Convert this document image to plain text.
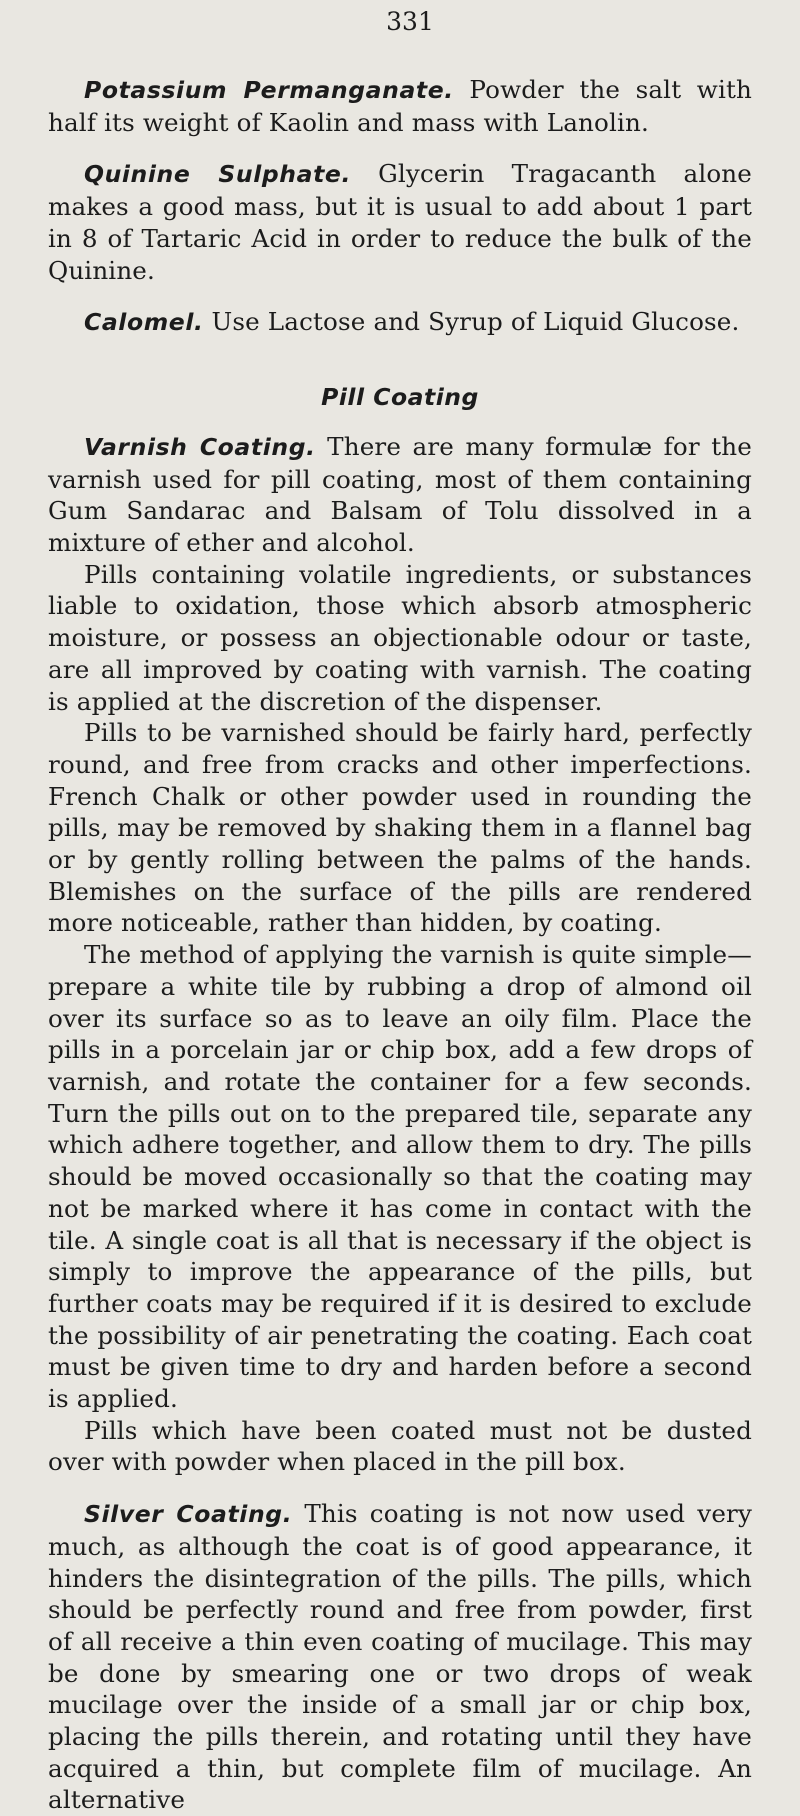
331

Potassium Permanganate. Powder the salt with half its weight of Kaolin and mass with Lanolin.

Quinine Sulphate. Glycerin Tragacanth alone makes a good mass, but it is usual to add about 1 part in 8 of Tartaric Acid in order to reduce the bulk of the Quinine.

Calomel. Use Lactose and Syrup of Liquid Glucose.

Pill Coating

Varnish Coating. There are many formulæ for the varnish used for pill coating, most of them containing Gum Sandarac and Balsam of Tolu dissolved in a mixture of ether and alcohol.

Pills containing volatile ingredients, or substances liable to oxidation, those which absorb atmospheric moisture, or possess an objectionable odour or taste, are all improved by coating with varnish. The coating is applied at the discretion of the dispenser.

Pills to be varnished should be fairly hard, perfectly round, and free from cracks and other imperfections. French Chalk or other powder used in rounding the pills, may be removed by shaking them in a flannel bag or by gently rolling between the palms of the hands. Blemishes on the surface of the pills are rendered more noticeable, rather than hidden, by coating.

The method of applying the varnish is quite simple— prepare a white tile by rubbing a drop of almond oil over its surface so as to leave an oily film. Place the pills in a porcelain jar or chip box, add a few drops of varnish, and rotate the container for a few seconds. Turn the pills out on to the prepared tile, separate any which adhere together, and allow them to dry. The pills should be moved occasionally so that the coating may not be marked where it has come in contact with the tile. A single coat is all that is necessary if the object is simply to improve the appearance of the pills, but further coats may be required if it is desired to exclude the possibility of air penetrating the coating. Each coat must be given time to dry and harden before a second is applied.

Pills which have been coated must not be dusted over with powder when placed in the pill box.

Silver Coating. This coating is not now used very much, as although the coat is of good appearance, it hinders the disintegration of the pills. The pills, which should be perfectly round and free from powder, first of all receive a thin even coating of mucilage. This may be done by smearing one or two drops of weak mucilage over the inside of a small jar or chip box, placing the pills therein, and rotating until they have acquired a thin, but complete film of mucilage. An alternative
